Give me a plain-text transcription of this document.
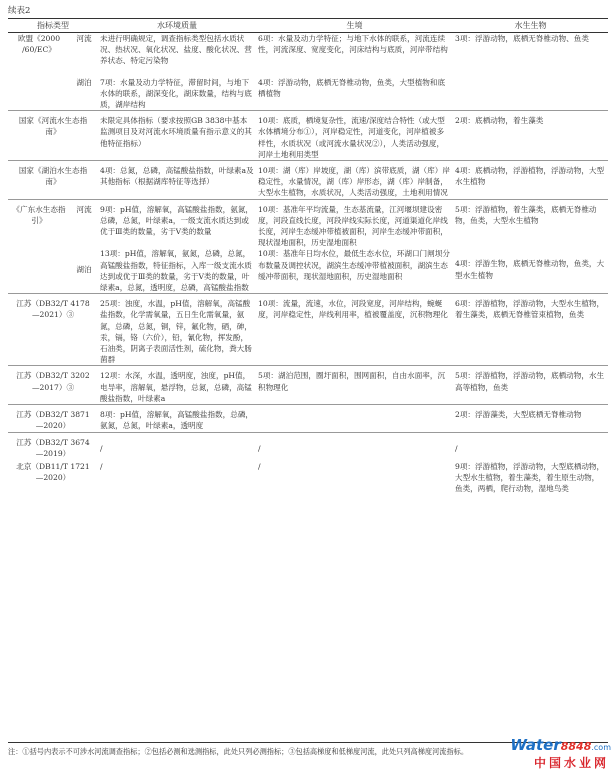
续表2
指标类型		水环境质量	生境	水生生物
欧盟《2000
/60/EC》	河流	未进行明确规定，调查指标类型包括水质状况、热状况、氧化状况、盐度、酸化状况、营养状态、特定污染物	6项：水量及动力学特征；与地下水体的联系，河流连续性，河流深度、宽度变化，河床结构与底质，河岸带结构	3项：浮游动物，底栖无脊椎动物、鱼类
	湖泊	7项：水量及动力学特征，滞留时间，与地下水体的联系，湖深变化，湖床数量，结构与底质，湖岸结构	4项：浮游动物，底栖无脊椎动物，鱼类，大型植物和底栖植物	
国家《河流水生态指南》		未限定具体指标（要求按照GB 3838中基本监测项目及对河流水环境质量有指示意义的其他特征指标）	10项：底质，栖境复杂性，流速/深度结合特性（或大型水体栖境分布①），河岸稳定性，河道变化，河岸植被多样性，水质状况（或河流水量状况②），人类活动强度，河岸土地利用类型	2项：底栖动物，着生藻类
国家《湖泊水生态指南》		4项：总氮，总磷，高锰酸盐指数，叶绿素a及其他指标（根据湖库特征等选择）	10项：湖（库）岸坡度，湖（库）滨带底质，湖（库）岸稳定性，水量情况，湖（库）岸形态，湖（库）岸制备，大型水生植物，水质状况，人类活动强度，土地利用情况	4项：底栖动物，浮游植物，浮游动物，大型水生植物
《广东水生态指引》	河流	9项：pH值，溶解氧，高锰酸盐指数，氨氮，总磷，总氮，叶绿素a，一级支流水质达到或优于Ⅲ类的数量，劣于Ⅴ类的数量	10项：基准年平均流量，生态基流量，江河堰坝建设密度，河段直线长度，河段岸线实际长度，河道渠道化岸线长度，河岸生态缓冲带植被面积，河岸生态缓冲带面积，现状湿地面积，历史湿地面积	5项：浮游植物，着生藻类，底栖无脊椎动物，鱼类，大型水生植物
	湖泊	13项：pH值，溶解氧，氨氮，总磷，总氮，高锰酸盐指数，特征指标，入库一级支流水质达到或优于Ⅲ类的数量，劣于Ⅴ类的数量，叶绿素a，总氮，透明度，总磷，高锰酸盐指数	10项：基准年日均水位，最低生态水位，环湖口门闸坝分布数量及调控状况，湖滨生态缓冲带植被面积，湖滨生态缓冲带面积，现状湿地面积，历史湿地面积	4项：浮游生物，底栖无脊椎动物，鱼类，大型水生植物
江苏（DB32/T 4178—2021）③		25项：浊度，水温，pH值，溶解氧，高锰酸盐指数，化学需氧量，五日生化需氧量，氨氮，总磷，总氮，铜，锌，氟化物，硒，砷，汞，镉，铬（六价），铅，氰化物，挥发酚，石油类，阴离子表面活性剂，硫化物，粪大肠菌群	10项：流量，流速，水位，河段宽度，河岸结构，蜿蜒度，河岸稳定性，岸线利用率，植被覆盖度，沉积物理化	6项：浮游植物，浮游动物，大型水生植物，着生藻类，底栖无脊椎管束植物，鱼类
江苏（DB32/T 3202—2017）③		12项：水深，水温，透明度，浊度，pH值，电导率，溶解氧，悬浮物，总氮，总磷，高锰酸盐指数，叶绿素a	5项：湖泊范围，圈圩面积，围网面积，自由水面率，沉积物理化	5项：浮游植物，浮游动物，底栖动物，水生高等植物，鱼类
江苏（DB32/T 3871—2020）		8项：pH值，溶解氧，高锰酸盐指数，总磷，氨氮，总氮，叶绿素a，透明度		2项：浮游藻类，大型底栖无脊椎动物
江苏（DB32/T 3674—2019）		/	/	/
北京（DB11/T 1721—2020）		/	/	9项：浮游植物，浮游动物，大型底栖动物，大型水生植物，着生藻类，着生原生动物，鱼类，两栖，爬行动物，湿地鸟类
注：①括号内表示不可涉水河流调查指标；②包括必测和选测指标，此处只列必测指标；③包括高梯度和低梯度河流，此处只列高梯度河流指标。	Water8848.com
中国水业网
